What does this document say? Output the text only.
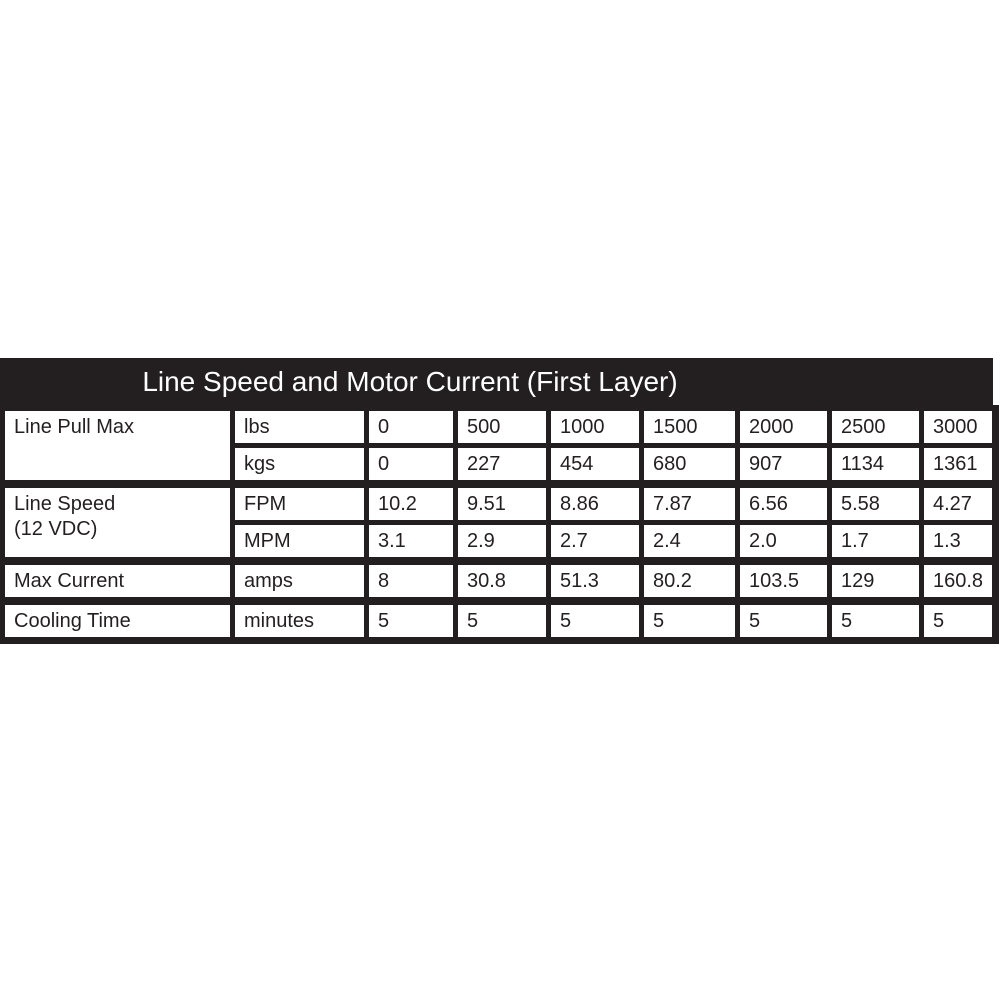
Line Speed and Motor Current (First Layer)
Line Pull Max	lbs	0	500	1000	1500	2000	2500	3000
	kgs	0	227	454	680	907	1134	1361

Line Speed
(12 VDC)	FPM	10.2	9.51	8.86	7.87	6.56	5.58	4.27
	MPM	3.1	2.9	2.7	2.4	2.0	1.7	1.3

Max Current	amps	8	30.8	51.3	80.2	103.5	129	160.8

Cooling Time	minutes	5	5	5	5	5	5	5
